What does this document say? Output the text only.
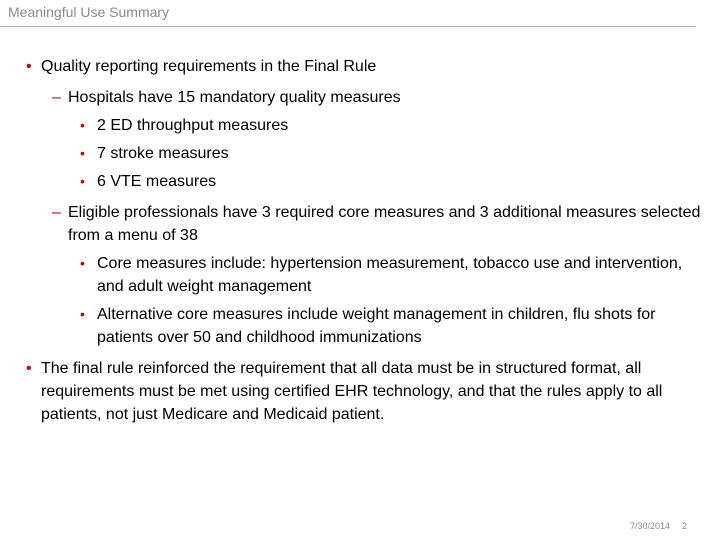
Meaningful Use Summary
• Quality reporting requirements in the Final Rule
– Hospitals have 15 mandatory quality measures
• 2 ED throughput measures
• 7 stroke measures
• 6 VTE measures
– Eligible professionals have 3 required core measures and 3 additional measures selected from a menu of 38
• Core measures include: hypertension measurement, tobacco use and intervention, and adult weight management
• Alternative core measures include weight management in children, flu shots for patients over 50 and childhood immunizations
• The final rule reinforced the requirement that all data must be in structured format, all requirements must be met using certified EHR technology, and that the rules apply to all patients, not just Medicare and Medicaid patient.
7/30/2014 2
